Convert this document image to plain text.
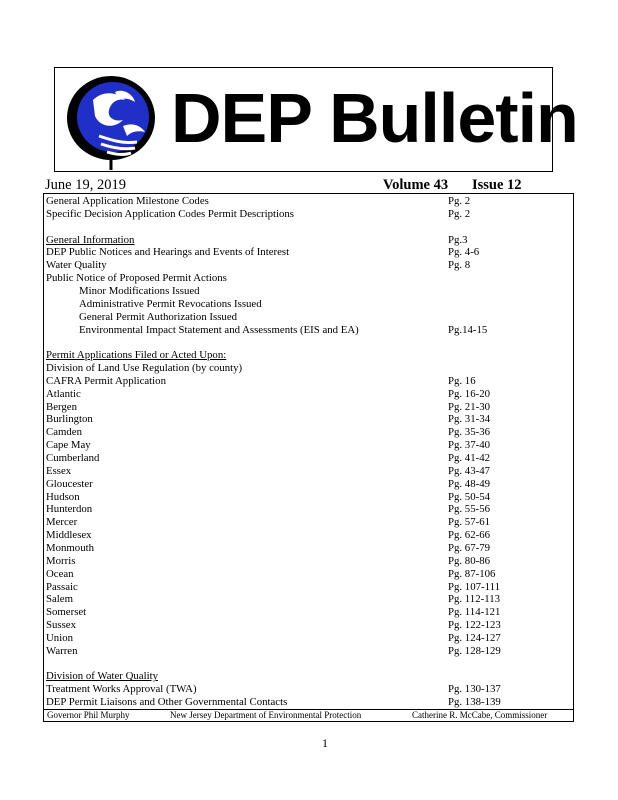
DEP Bulletin
June 19, 2019	Volume 43 Issue 12
General Application Milestone Codes	Pg. 2
Specific Decision Application Codes Permit Descriptions	Pg. 2
General Information	Pg.3
DEP Public Notices and Hearings and Events of Interest	Pg. 4-6
Water Quality	Pg. 8
Public Notice of Proposed Permit Actions
Minor Modifications Issued
Administrative Permit Revocations Issued
General Permit Authorization Issued
Environmental Impact Statement and Assessments (EIS and EA)	Pg.14-15
Permit Applications Filed or Acted Upon:
Division of Land Use Regulation (by county)
CAFRA Permit Application	Pg. 16
Atlantic	Pg. 16-20
Bergen	Pg. 21-30
Burlington	Pg. 31-34
Camden	Pg. 35-36
Cape May	Pg. 37-40
Cumberland	Pg. 41-42
Essex	Pg. 43-47
Gloucester	Pg. 48-49
Hudson	Pg. 50-54
Hunterdon	Pg. 55-56
Mercer	Pg. 57-61
Middlesex	Pg. 62-66
Monmouth	Pg. 67-79
Morris	Pg. 80-86
Ocean	Pg. 87-106
Passaic	Pg. 107-111
Salem	Pg. 112-113
Somerset	Pg. 114-121
Sussex	Pg. 122-123
Union	Pg. 124-127
Warren	Pg. 128-129
Division of Water Quality
Treatment Works Approval (TWA)	Pg. 130-137
DEP Permit Liaisons and Other Governmental Contacts	Pg. 138-139
Governor Phil Murphy	New Jersey Department of Environmental Protection	Catherine R. McCabe, Commissioner
1
